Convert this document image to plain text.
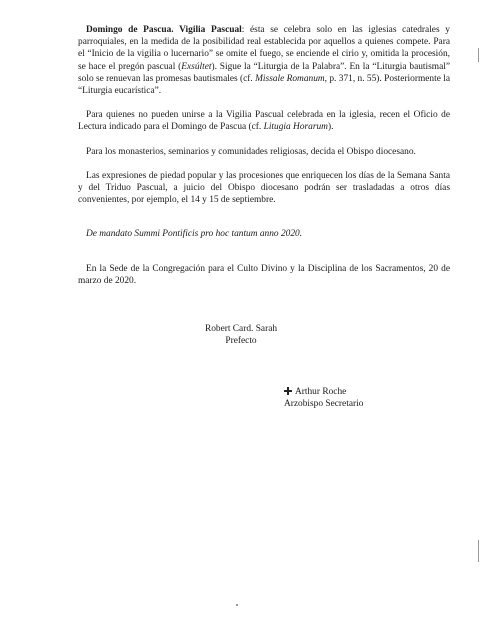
Domingo de Pascua. Vigilia Pascual: ésta se celebra solo en las iglesias catedrales y parroquiales, en la medida de la posibilidad real establecida por aquellos a quienes compete. Para el “Inicio de la vigilia o lucernario” se omite el fuego, se enciende el cirio y, omitida la procesión, se hace el pregón pascual (Exsúltet). Sigue la “Liturgia de la Palabra”. En la “Liturgia bautismal” solo se renuevan las promesas bautismales (cf. Missale Romanum, p. 371, n. 55). Posteriormente la “Liturgia eucarística”.

Para quienes no pueden unirse a la Vigilia Pascual celebrada en la iglesia, recen el Oficio de Lectura indicado para el Domingo de Pascua (cf. Litugia Horarum).

Para los monasterios, seminarios y comunidades religiosas, decida el Obispo diocesano.

Las expresiones de piedad popular y las procesiones que enriquecen los días de la Semana Santa y del Triduo Pascual, a juicio del Obispo diocesano podrán ser trasladadas a otros días convenientes, por ejemplo, el 14 y 15 de septiembre.

De mandato Summi Pontificis pro hoc tantum anno 2020.

En la Sede de la Congregación para el Culto Divino y la Disciplina de los Sacramentos, 20 de marzo de 2020.

Robert Card. Sarah
Prefecto
Arthur Roche
Arzobispo Secretario
